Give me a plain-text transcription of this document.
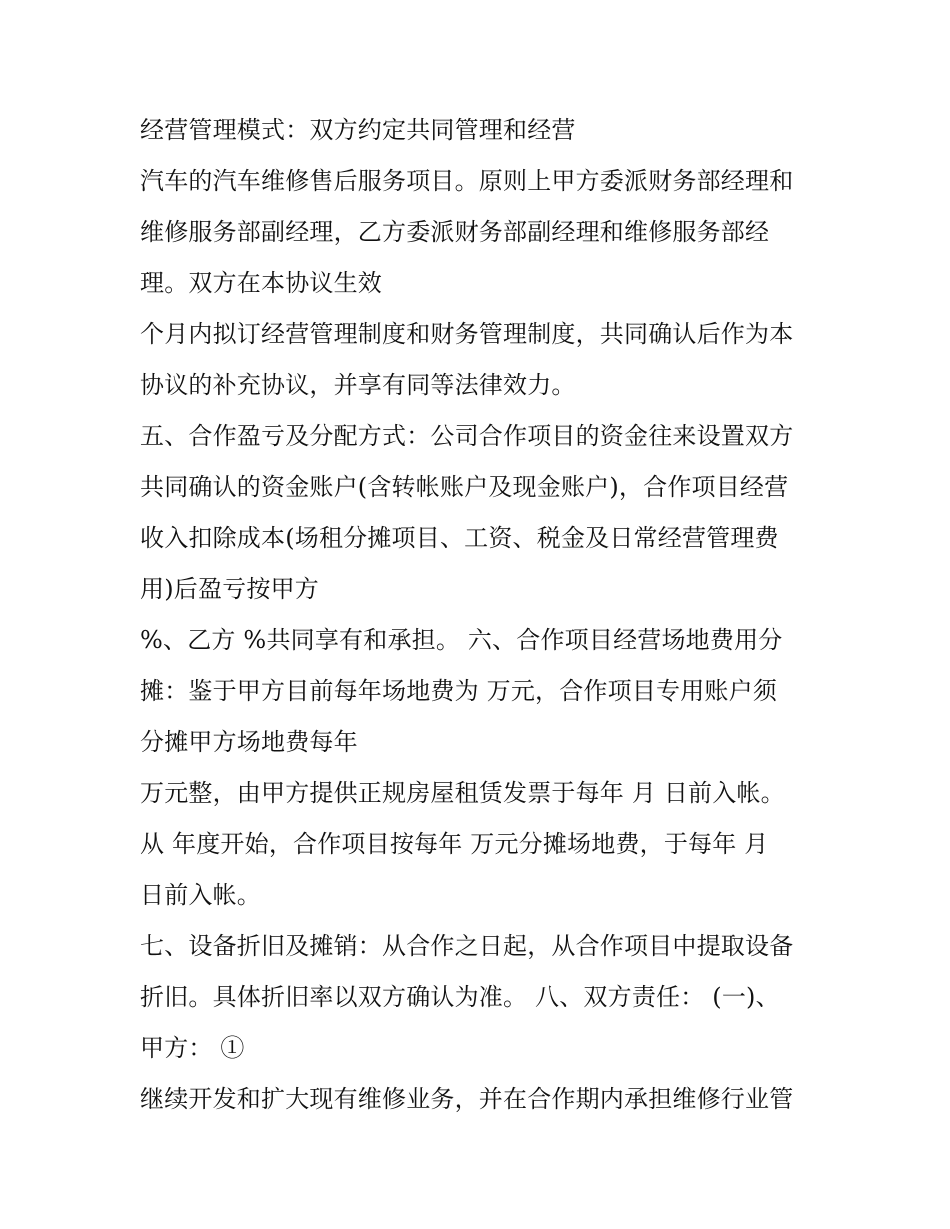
经营管理模式：双方约定共同管理和经营
汽车的汽车维修售后服务项目。原则上甲方委派财务部经理和
维修服务部副经理，乙方委派财务部副经理和维修服务部经
理。双方在本协议生效
个月内拟订经营管理制度和财务管理制度，共同确认后作为本
协议的补充协议，并享有同等法律效力。
五、合作盈亏及分配方式：公司合作项目的资金往来设置双方
共同确认的资金账户(含转帐账户及现金账户)，合作项目经营
收入扣除成本(场租分摊项目、工资、税金及日常经营管理费
用)后盈亏按甲方
%、乙方 %共同享有和承担。 六、合作项目经营场地费用分
摊：鉴于甲方目前每年场地费为 万元，合作项目专用账户须
分摊甲方场地费每年
万元整，由甲方提供正规房屋租赁发票于每年 月 日前入帐。
从 年度开始，合作项目按每年 万元分摊场地费，于每年 月
日前入帐。
七、设备折旧及摊销：从合作之日起，从合作项目中提取设备
折旧。具体折旧率以双方确认为准。 八、双方责任： (一)、
甲方： ①
继续开发和扩大现有维修业务，并在合作期内承担维修行业管
